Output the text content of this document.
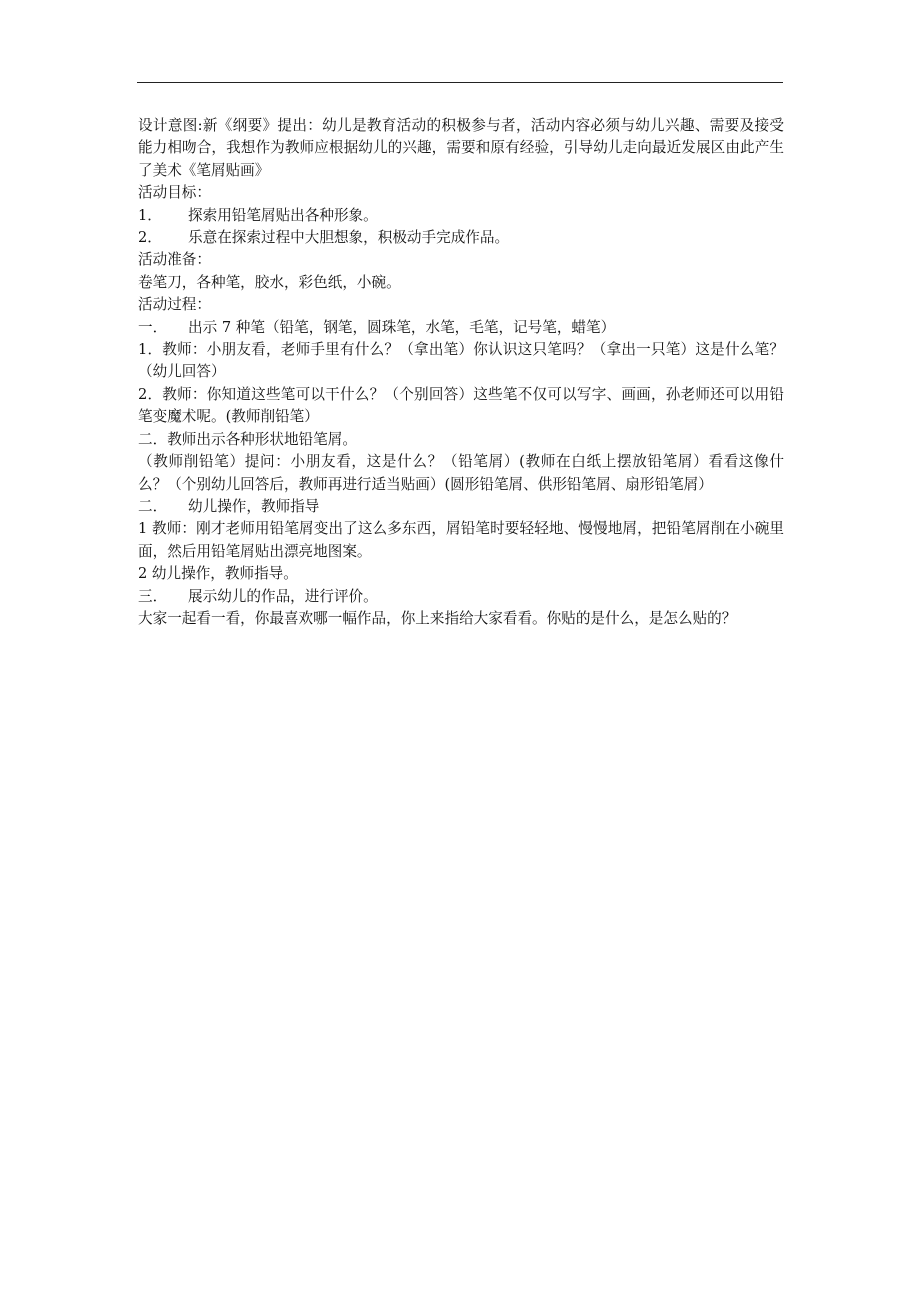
设计意图:新《纲要》提出：幼儿是教育活动的积极参与者，活动内容必须与幼儿兴趣、需要及接受能力相吻合，我想作为教师应根据幼儿的兴趣，需要和原有经验，引导幼儿走向最近发展区由此产生了美术《笔屑贴画》

活动目标：

1．	探索用铅笔屑贴出各种形象。
2．	乐意在探索过程中大胆想象，积极动手完成作品。

活动准备：

卷笔刀，各种笔，胶水，彩色纸，小碗。

活动过程：

一．	出示 7 种笔（铅笔，钢笔，圆珠笔，水笔，毛笔，记号笔，蜡笔）

1．教师：小朋友看，老师手里有什么？（拿出笔）你认识这只笔吗？（拿出一只笔）这是什么笔？（幼儿回答）

2．教师：你知道这些笔可以干什么？（个别回答）这些笔不仅可以写字、画画，孙老师还可以用铅笔变魔术呢。(教师削铅笔）

二．教师出示各种形状地铅笔屑。

（教师削铅笔）提问：小朋友看，这是什么？（铅笔屑）(教师在白纸上摆放铅笔屑）看看这像什么？（个别幼儿回答后，教师再进行适当贴画）(圆形铅笔屑、供形铅笔屑、扇形铅笔屑）

二．	幼儿操作，教师指导

1 教师：刚才老师用铅笔屑变出了这么多东西，屑铅笔时要轻轻地、慢慢地屑，把铅笔屑削在小碗里面，然后用铅笔屑贴出漂亮地图案。

2 幼儿操作，教师指导。

三．	展示幼儿的作品，进行评价。

大家一起看一看，你最喜欢哪一幅作品，你上来指给大家看看。你贴的是什么，是怎么贴的？
